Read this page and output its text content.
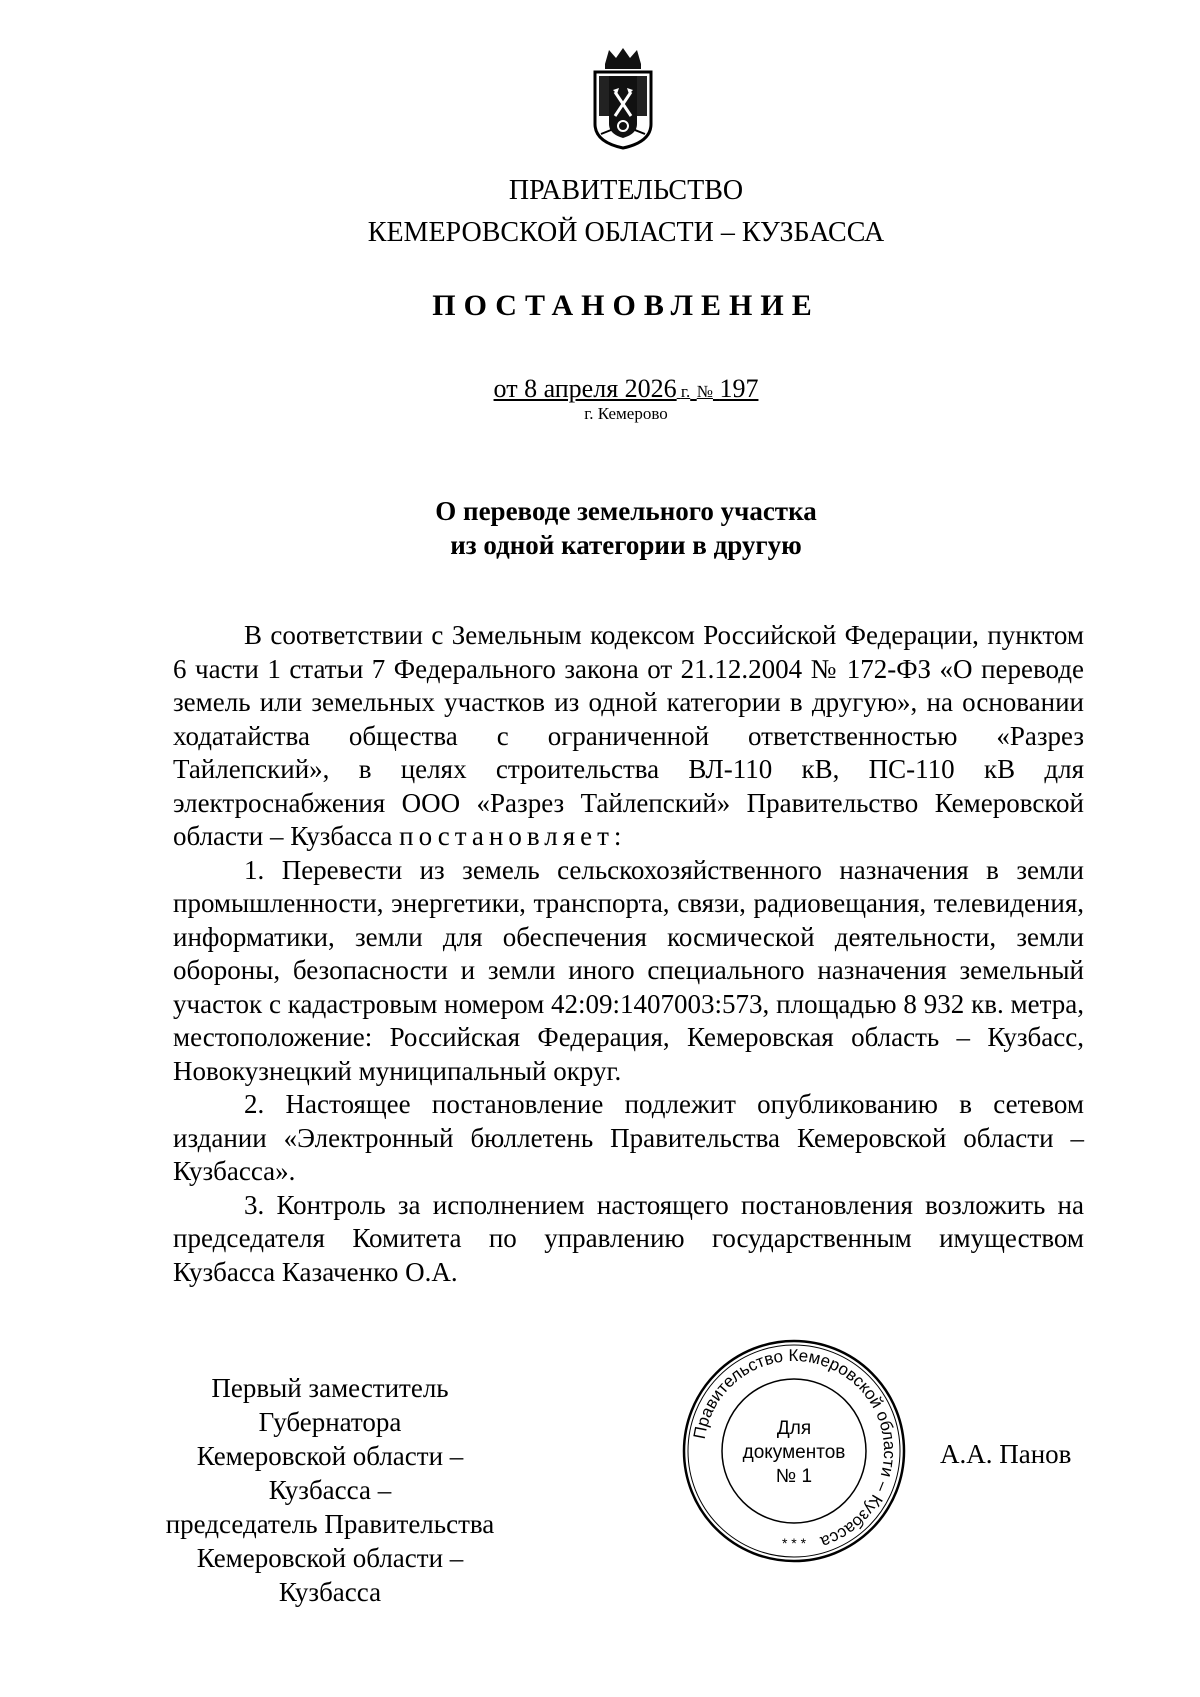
ПРАВИТЕЛЬСТВО
КЕМЕРОВСКОЙ ОБЛАСТИ – КУЗБАССА
ПОСТАНОВЛЕНИЕ
от 8 апреля 2026 г. № 197
г. Кемерово
О переводе земельного участка
из одной категории в другую

В соответствии с Земельным кодексом Российской Федерации, пунктом 6 части 1 статьи 7 Федерального закона от 21.12.2004 № 172-ФЗ «О переводе земель или земельных участков из одной категории в другую», на основании ходатайства общества с ограниченной ответственностью «Разрез Тайлепский», в целях строительства ВЛ-110 кВ, ПС-110 кВ для электроснабжения ООО «Разрез Тайлепский» Правительство Кемеровской области – Кузбасса постановляет:

1. Перевести из земель сельскохозяйственного назначения в земли промышленности, энергетики, транспорта, связи, радиовещания, телевидения, информатики, земли для обеспечения космической деятельности, земли обороны, безопасности и земли иного специального назначения земельный участок с кадастровым номером 42:09:1407003:573, площадью 8 932 кв. метра, местоположение: Российская Федерация, Кемеровская область – Кузбасс, Новокузнецкий муниципальный округ.

2. Настоящее постановление подлежит опубликованию в сетевом издании «Электронный бюллетень Правительства Кемеровской области – Кузбасса».

3. Контроль за исполнением настоящего постановления возложить на председателя Комитета по управлению государственным имуществом Кузбасса Казаченко О.А.

Первый заместитель Губернатора
Кемеровской области – Кузбасса –
председатель Правительства
Кемеровской области – Кузбасса
Правительство Кемеровской области – Кузбасса
Для
документов
№ 1
* * *
А.А. Панов
